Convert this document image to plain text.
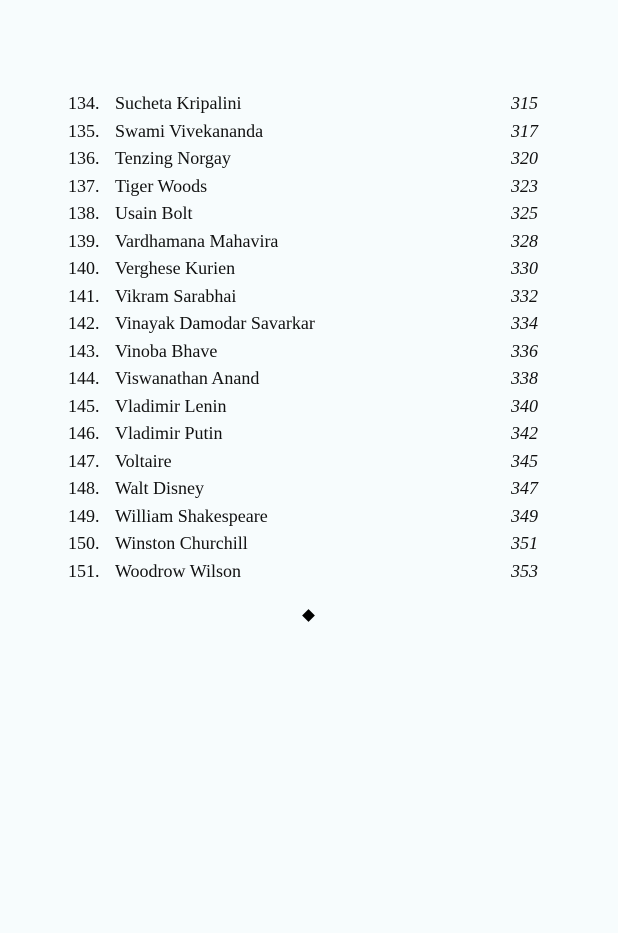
134. Sucheta Kripalini	315
135. Swami Vivekananda	317
136. Tenzing Norgay	320
137. Tiger Woods	323
138. Usain Bolt	325
139. Vardhamana Mahavira	328
140. Verghese Kurien	330
141. Vikram Sarabhai	332
142. Vinayak Damodar Savarkar	334
143. Vinoba Bhave	336
144. Viswanathan Anand	338
145. Vladimir Lenin	340
146. Vladimir Putin	342
147. Voltaire	345
148. Walt Disney	347
149. William Shakespeare	349
150. Winston Churchill	351
151. Woodrow Wilson	353
